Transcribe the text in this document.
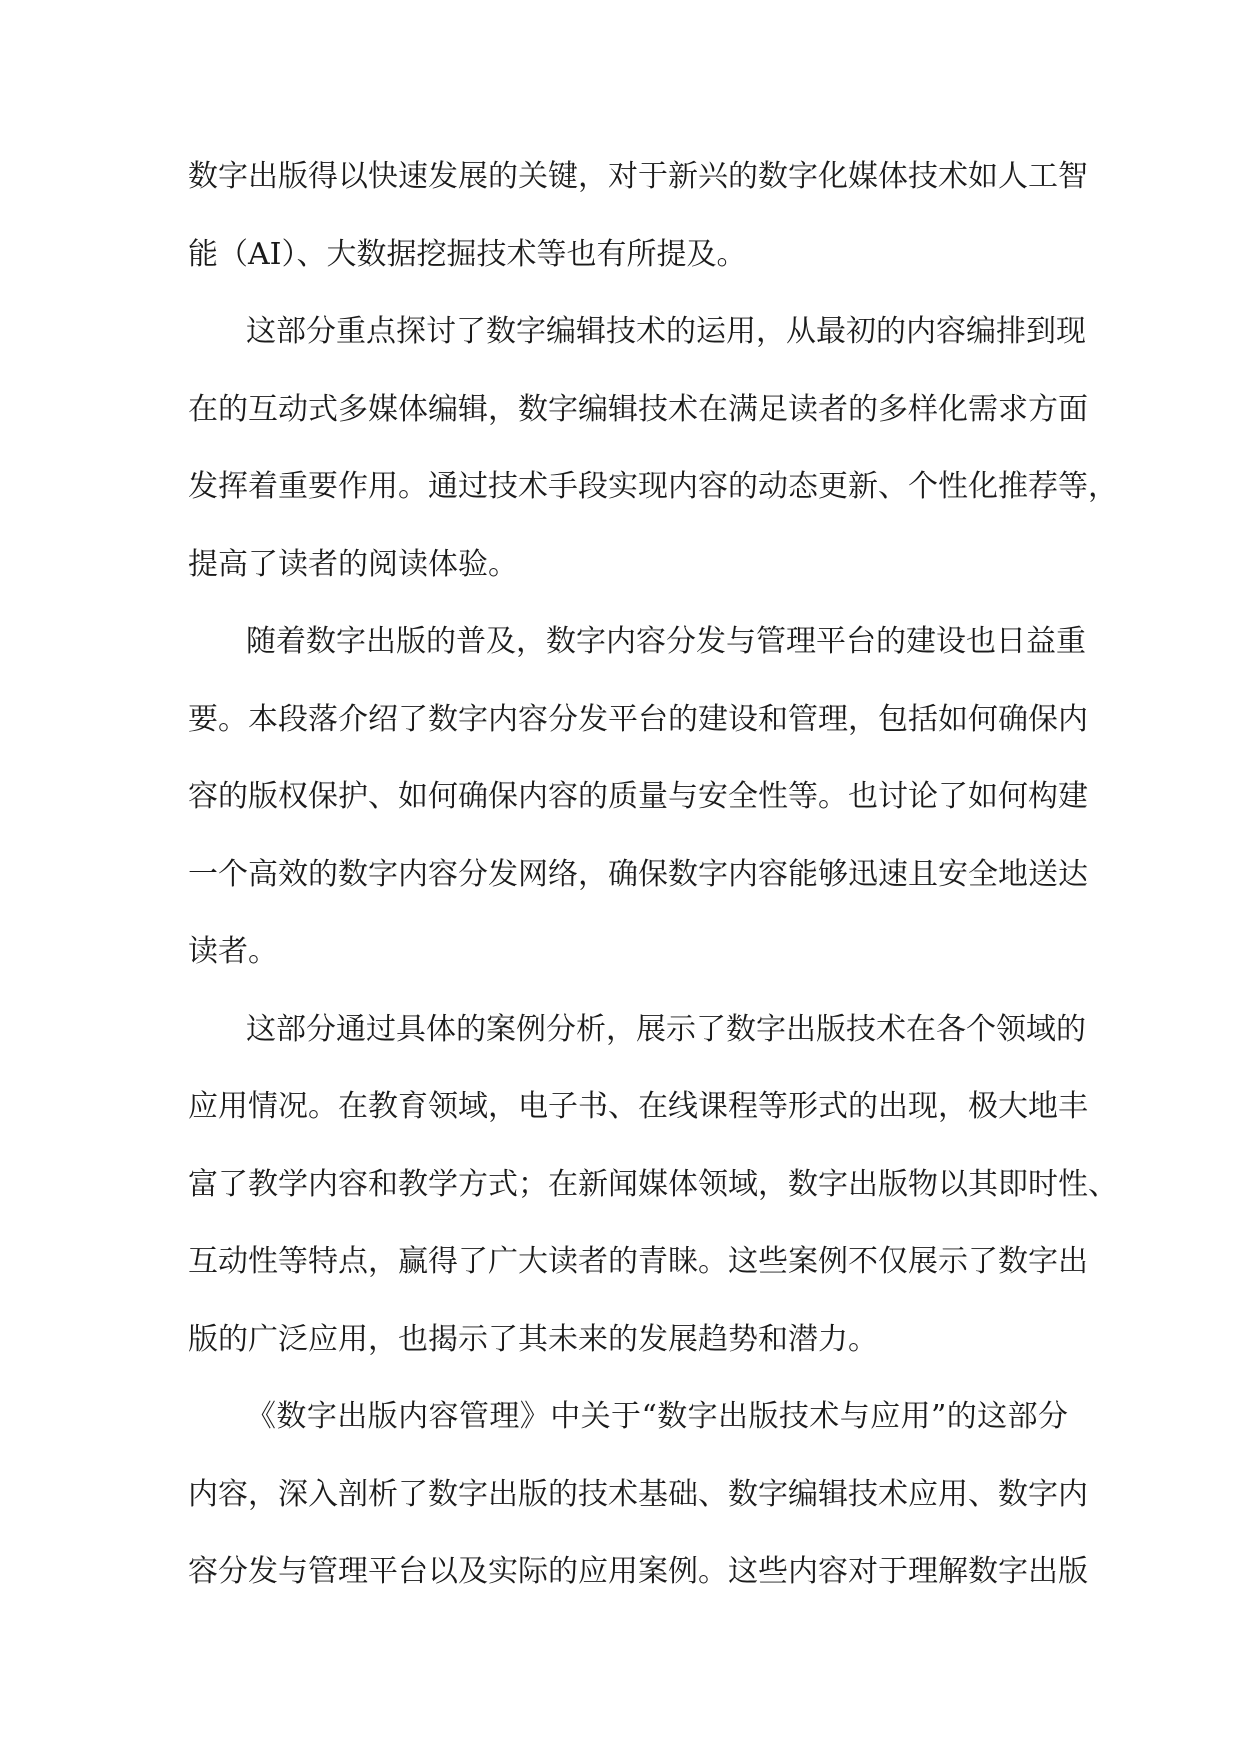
数字出版得以快速发展的关键，对于新兴的数字化媒体技术如人工智
能（AI）、大数据挖掘技术等也有所提及。
这部分重点探讨了数字编辑技术的运用，从最初的内容编排到现
在的互动式多媒体编辑，数字编辑技术在满足读者的多样化需求方面
发挥着重要作用。通过技术手段实现内容的动态更新、个性化推荐等，
提高了读者的阅读体验。
随着数字出版的普及，数字内容分发与管理平台的建设也日益重
要。本段落介绍了数字内容分发平台的建设和管理，包括如何确保内
容的版权保护、如何确保内容的质量与安全性等。也讨论了如何构建
一个高效的数字内容分发网络，确保数字内容能够迅速且安全地送达
读者。
这部分通过具体的案例分析，展示了数字出版技术在各个领域的
应用情况。在教育领域，电子书、在线课程等形式的出现，极大地丰
富了教学内容和教学方式；在新闻媒体领域，数字出版物以其即时性、
互动性等特点，赢得了广大读者的青睐。这些案例不仅展示了数字出
版的广泛应用，也揭示了其未来的发展趋势和潜力。
《数字出版内容管理》中关于“数字出版技术与应用”的这部分
内容，深入剖析了数字出版的技术基础、数字编辑技术应用、数字内
容分发与管理平台以及实际的应用案例。这些内容对于理解数字出版
